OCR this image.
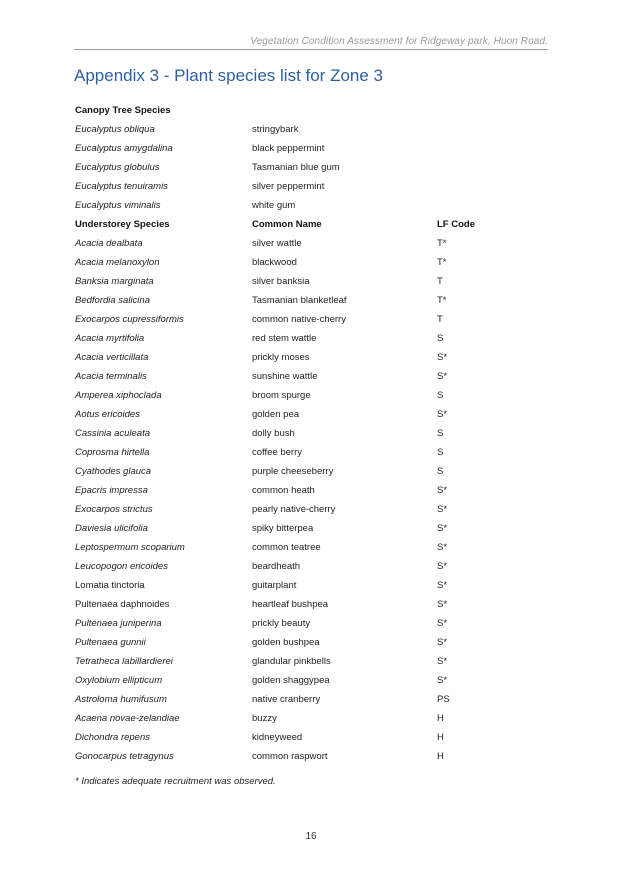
Vegetation Condition Assessment for Ridgeway park, Huon Road.
Appendix 3 - Plant species list for Zone 3
Canopy Tree Species
Eucalyptus obliqua	stringybark
Eucalyptus amygdalina	black peppermint
Eucalyptus globulus	Tasmanian blue gum
Eucalyptus tenuiramis	silver peppermint
Eucalyptus viminalis	white gum
Understorey Species	Common Name	LF Code
Acacia dealbata	silver wattle	T*
Acacia melanoxylon	blackwood	T*
Banksia marginata	silver banksia	T
Bedfordia salicina	Tasmanian blanketleaf	T*
Exocarpos cupressiformis	common native-cherry	T
Acacia myrtifolia	red stem wattle	S
Acacia verticillata	prickly moses	S*
Acacia terminalis	sunshine wattle	S*
Amperea xiphoclada	broom spurge	S
Aotus ericoides	golden pea	S*
Cassinia aculeata	dolly bush	S
Coprosma hirtella	coffee berry	S
Cyathodes glauca	purple cheeseberry	S
Epacris impressa	common heath	S*
Exocarpos strictus	pearly native-cherry	S*
Daviesia ulicifolia	spiky bitterpea	S*
Leptospermum scoparium	common teatree	S*
Leucopogon ericoides	beardheath	S*
Lomatia tinctoria	guitarplant	S*
Pultenaea daphnoides	heartleaf bushpea	S*
Pultenaea juniperina	prickly beauty	S*
Pultenaea gunnii	golden bushpea	S*
Tetratheca labillardierei	glandular pinkbells	S*
Oxylobium ellipticum	golden shaggypea	S*
Astroloma humifusum	native cranberry	PS
Acaena novae-zelandiae	buzzy	H
Dichondra repens	kidneyweed	H
Gonocarpus tetragynus	common raspwort	H
* Indicates adequate recruitment was observed.
16
